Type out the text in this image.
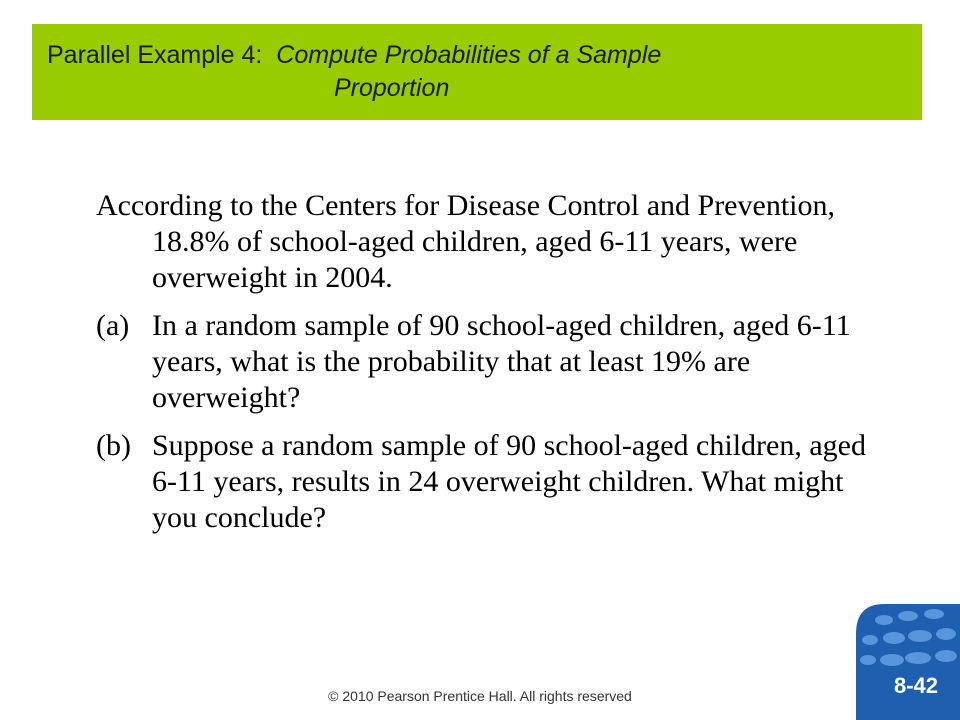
Parallel Example 4: Compute Probabilities of a Sample
Proportion

According to the Centers for Disease Control and Prevention, 18.8% of school-aged children, aged 6-11 years, were overweight in 2004.

(a) In a random sample of 90 school-aged children, aged 6-11 years, what is the probability that at least 19% are overweight?
(b) Suppose a random sample of 90 school-aged children, aged 6-11 years, results in 24 overweight children. What might you conclude?
© 2010 Pearson Prentice Hall. All rights reserved	8-42
